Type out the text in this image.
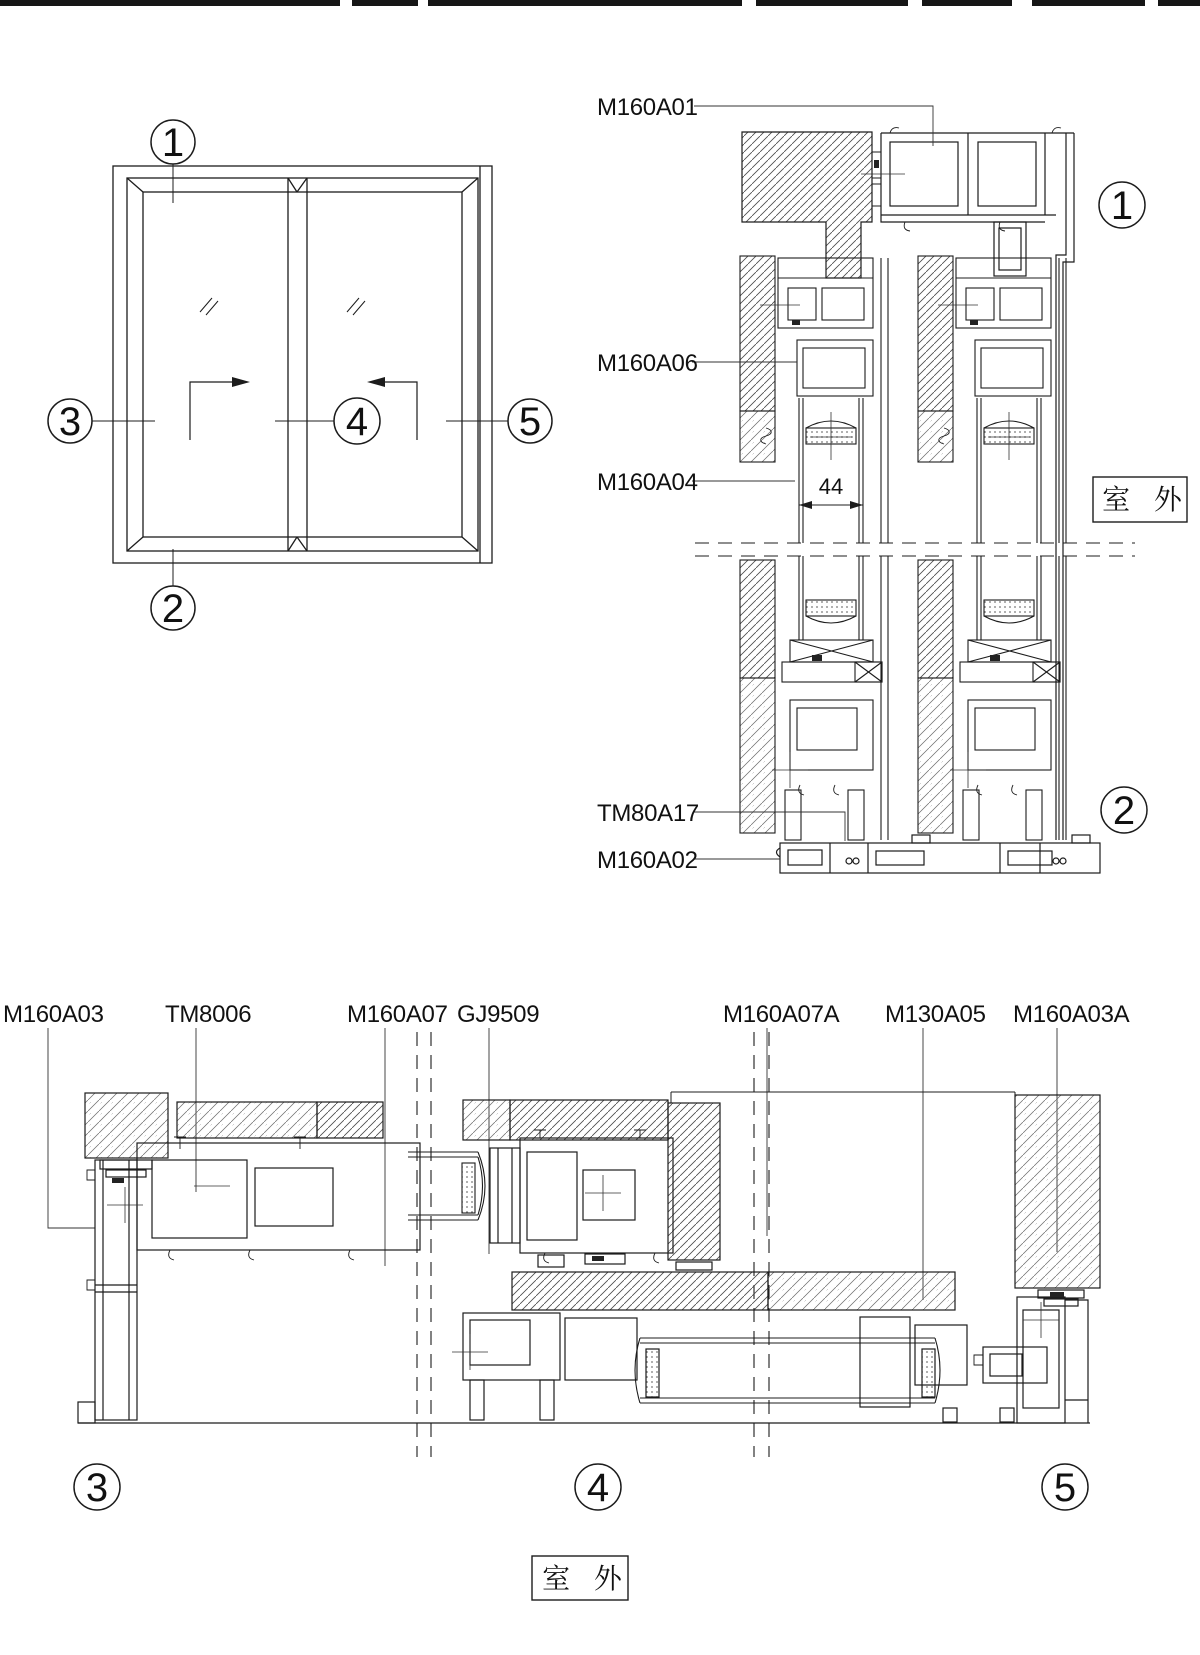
1
2
3	4	5
44
M160A01
M160A06
M160A04
TM80A17
M160A02
室 外
1
2
M160A03	TM8006	M160A07 GJ9509	M160A07A M130A05 M160A03A
3	4	5
室 外
